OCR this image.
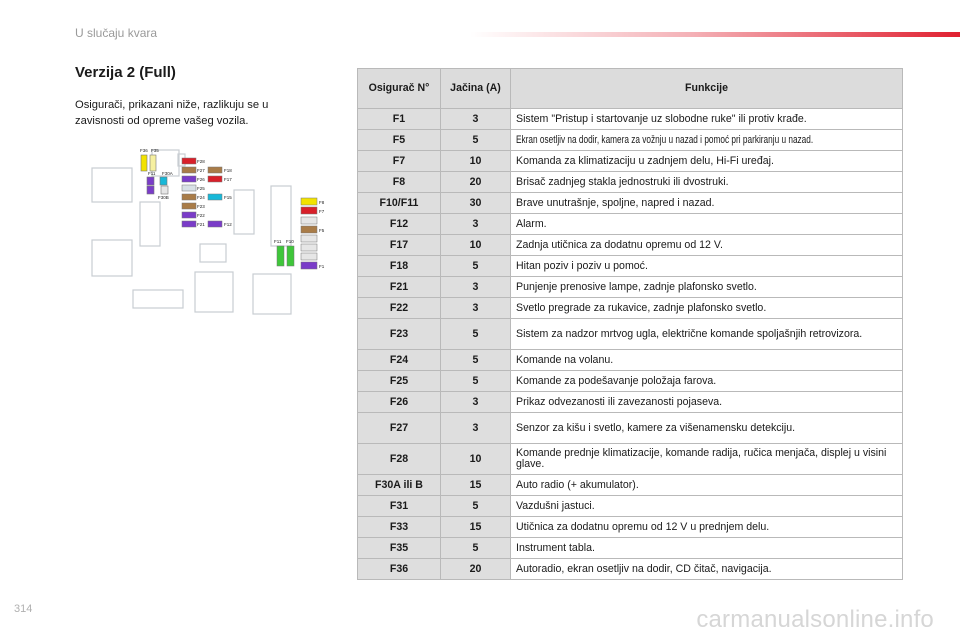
U slučaju kvara
Verzija 2 (Full)
Osigurači, prikazani niže, razlikuju se u zavisnosti od opreme vašeg vozila.
F36 F35
F11 F30A
F30B
F28
F27
F26
F25
F24
F23
F22
F21
F18
F17
F15
F12
F8
F7
F5
F11 F10
F1
Osigurač N°	Jačina (A)	Funkcije
F1	3	Sistem "Pristup i startovanje uz slobodne ruke" ili protiv krađe.
F5	5	Ekran osetljiv na dodir, kamera za vožnju u nazad i pomoć pri parkiranju u nazad.
F7	10	Komanda za klimatizaciju u zadnjem delu, Hi-Fi uređaj.
F8	20	Brisač zadnjeg stakla jednostruki ili dvostruki.
F10/F11	30	Brave unutrašnje, spoljne, napred i nazad.
F12	3	Alarm.
F17	10	Zadnja utičnica za dodatnu opremu od 12 V.
F18	5	Hitan poziv i poziv u pomoć.
F21	3	Punjenje prenosive lampe, zadnje plafonsko svetlo.
F22	3	Svetlo pregrade za rukavice, zadnje plafonsko svetlo.
F23	5	Sistem za nadzor mrtvog ugla, električne komande spoljašnjih retrovizora.
F24	5	Komande na volanu.
F25	5	Komande za podešavanje položaja farova.
F26	3	Prikaz odvezanosti ili zavezanosti pojaseva.
F27	3	Senzor za kišu i svetlo, kamere za višenamensku detekciju.
F28	10	Komande prednje klimatizacije, komande radija, ručica menjača, displej u visini glave.
F30A ili B	15	Auto radio (+ akumulator).
F31	5	Vazdušni jastuci.
F33	15	Utičnica za dodatnu opremu od 12 V u prednjem delu.
F35	5	Instrument tabla.
F36	20	Autoradio, ekran osetljiv na dodir, CD čitač, navigacija.
314	carmanualsonline.info
